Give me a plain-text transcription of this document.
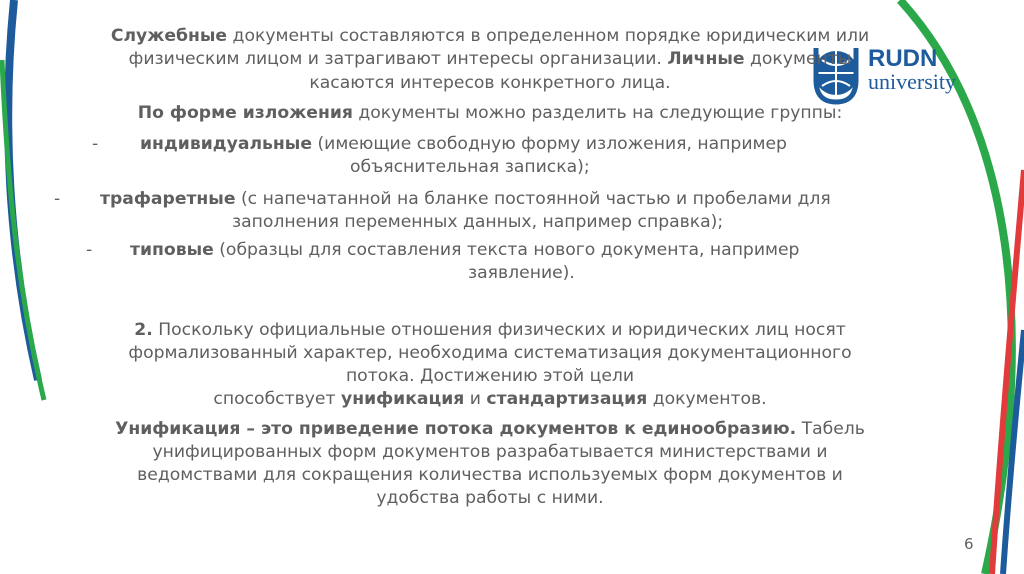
RUDN
university
Служебные документы составляются в определенном порядке юридическим или
физическим лицом и затрагивают интересы организации. Личные документы
касаются интересов конкретного лица.
По форме изложения документы можно разделить на следующие группы:
- индивидуальные (имеющие свободную форму изложения, например
объяснительная записка);
- трафаретные (с напечатанной на бланке постоянной частью и пробелами для
заполнения переменных данных, например справка);
- типовые (образцы для составления текста нового документа, например
заявление).
2. Поскольку официальные отношения физических и юридических лиц носят
формализованный характер, необходима систематизация документационного
потока. Достижению этой цели
способствует унификация и стандартизация документов.
Унификация – это приведение потока документов к единообразию. Табель
унифицированных форм документов разрабатывается министерствами и
ведомствами для сокращения количества используемых форм документов и
удобства работы с ними.
6
